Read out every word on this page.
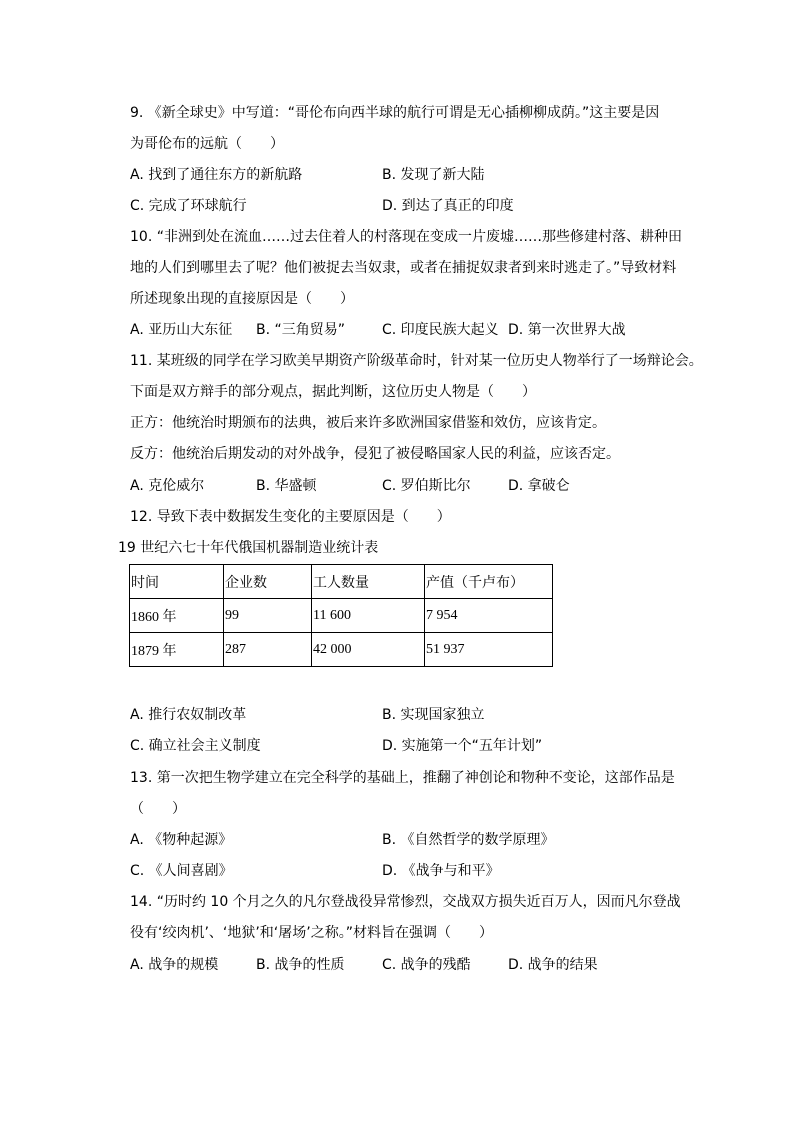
9. 《新全球史》中写道：“哥伦布向西半球的航行可谓是无心插柳柳成荫。”这主要是因
为哥伦布的远航（　　）
A. 找到了通往东方的新航路	B. 发现了新大陆
C. 完成了环球航行	D. 到达了真正的印度
10. “非洲到处在流血……过去住着人的村落现在变成一片废墟……那些修建村落、耕种田
地的人们到哪里去了呢？他们被捉去当奴隶，或者在捕捉奴隶者到来时逃走了。”导致材料
所述现象出现的直接原因是（　　）
A. 亚历山大东征 B. “三角贸易”	C. 印度民族大起义 D. 第一次世界大战
11. 某班级的同学在学习欧美早期资产阶级革命时，针对某一位历史人物举行了一场辩论会。
下面是双方辩手的部分观点，据此判断，这位历史人物是（　　）
正方：他统治时期颁布的法典，被后来许多欧洲国家借鉴和效仿，应该肯定。
反方：他统治后期发动的对外战争，侵犯了被侵略国家人民的利益，应该否定。
A. 克伦威尔	B. 华盛顿	C. 罗伯斯比尔	D. 拿破仑
12. 导致下表中数据发生变化的主要原因是（　　）
19 世纪六七十年代俄国机器制造业统计表
时间	企业数	工人数量	产值（千卢布）
1860 年	99	11 600	7 954
1879 年	287	42 000	51 937
A. 推行农奴制改革	B. 实现国家独立
C. 确立社会主义制度	D. 实施第一个“五年计划”
13. 第一次把生物学建立在完全科学的基础上，推翻了神创论和物种不变论，这部作品是
（　　）
A. 《物种起源》	B. 《自然哲学的数学原理》
C. 《人间喜剧》	D. 《战争与和平》
14. “历时约 10 个月之久的凡尔登战役异常惨烈，交战双方损失近百万人，因而凡尔登战
役有‘绞肉机’、‘地狱’和‘屠场’之称。”材料旨在强调（　　）
A. 战争的规模	B. 战争的性质	C. 战争的残酷	D. 战争的结果
